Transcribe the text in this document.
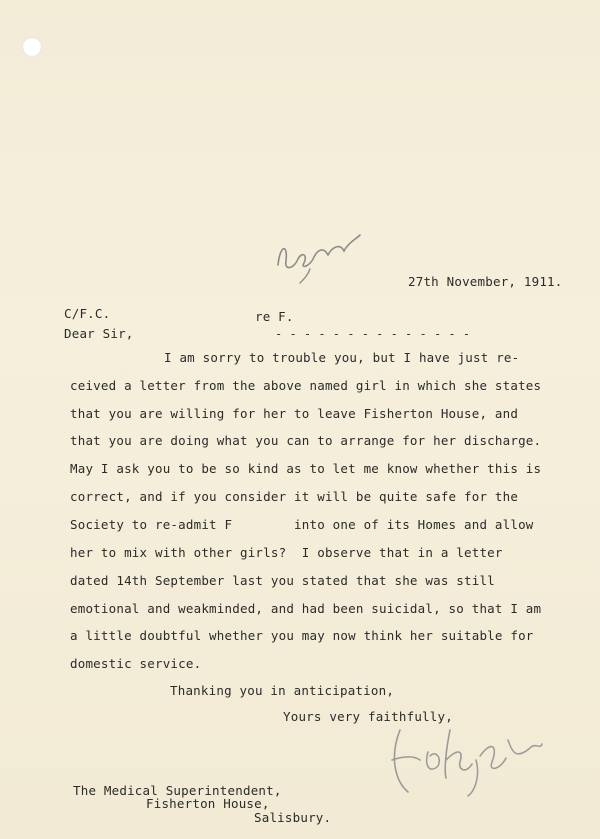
27th November, 1911.
C/F.C.	re F.
- - - - - - - - - - - - - -
Dear Sir,
I am sorry to trouble you, but I have just re-
ceived a letter from the above named girl in which she states
that you are willing for her to leave Fisherton House, and
that you are doing what you can to arrange for her discharge.
May I ask you to be so kind as to let me know whether this is
correct, and if you consider it will be quite safe for the
Society to re-admit F        into one of its Homes and allow
her to mix with other girls?  I observe that in a letter
dated 14th September last you stated that she was still
emotional and weakminded, and had been suicidal, so that I am
a little doubtful whether you may now think her suitable for
domestic service.
Thanking you in anticipation,
Yours very faithfully,
The Medical Superintendent,
Fisherton House,
Salisbury.
